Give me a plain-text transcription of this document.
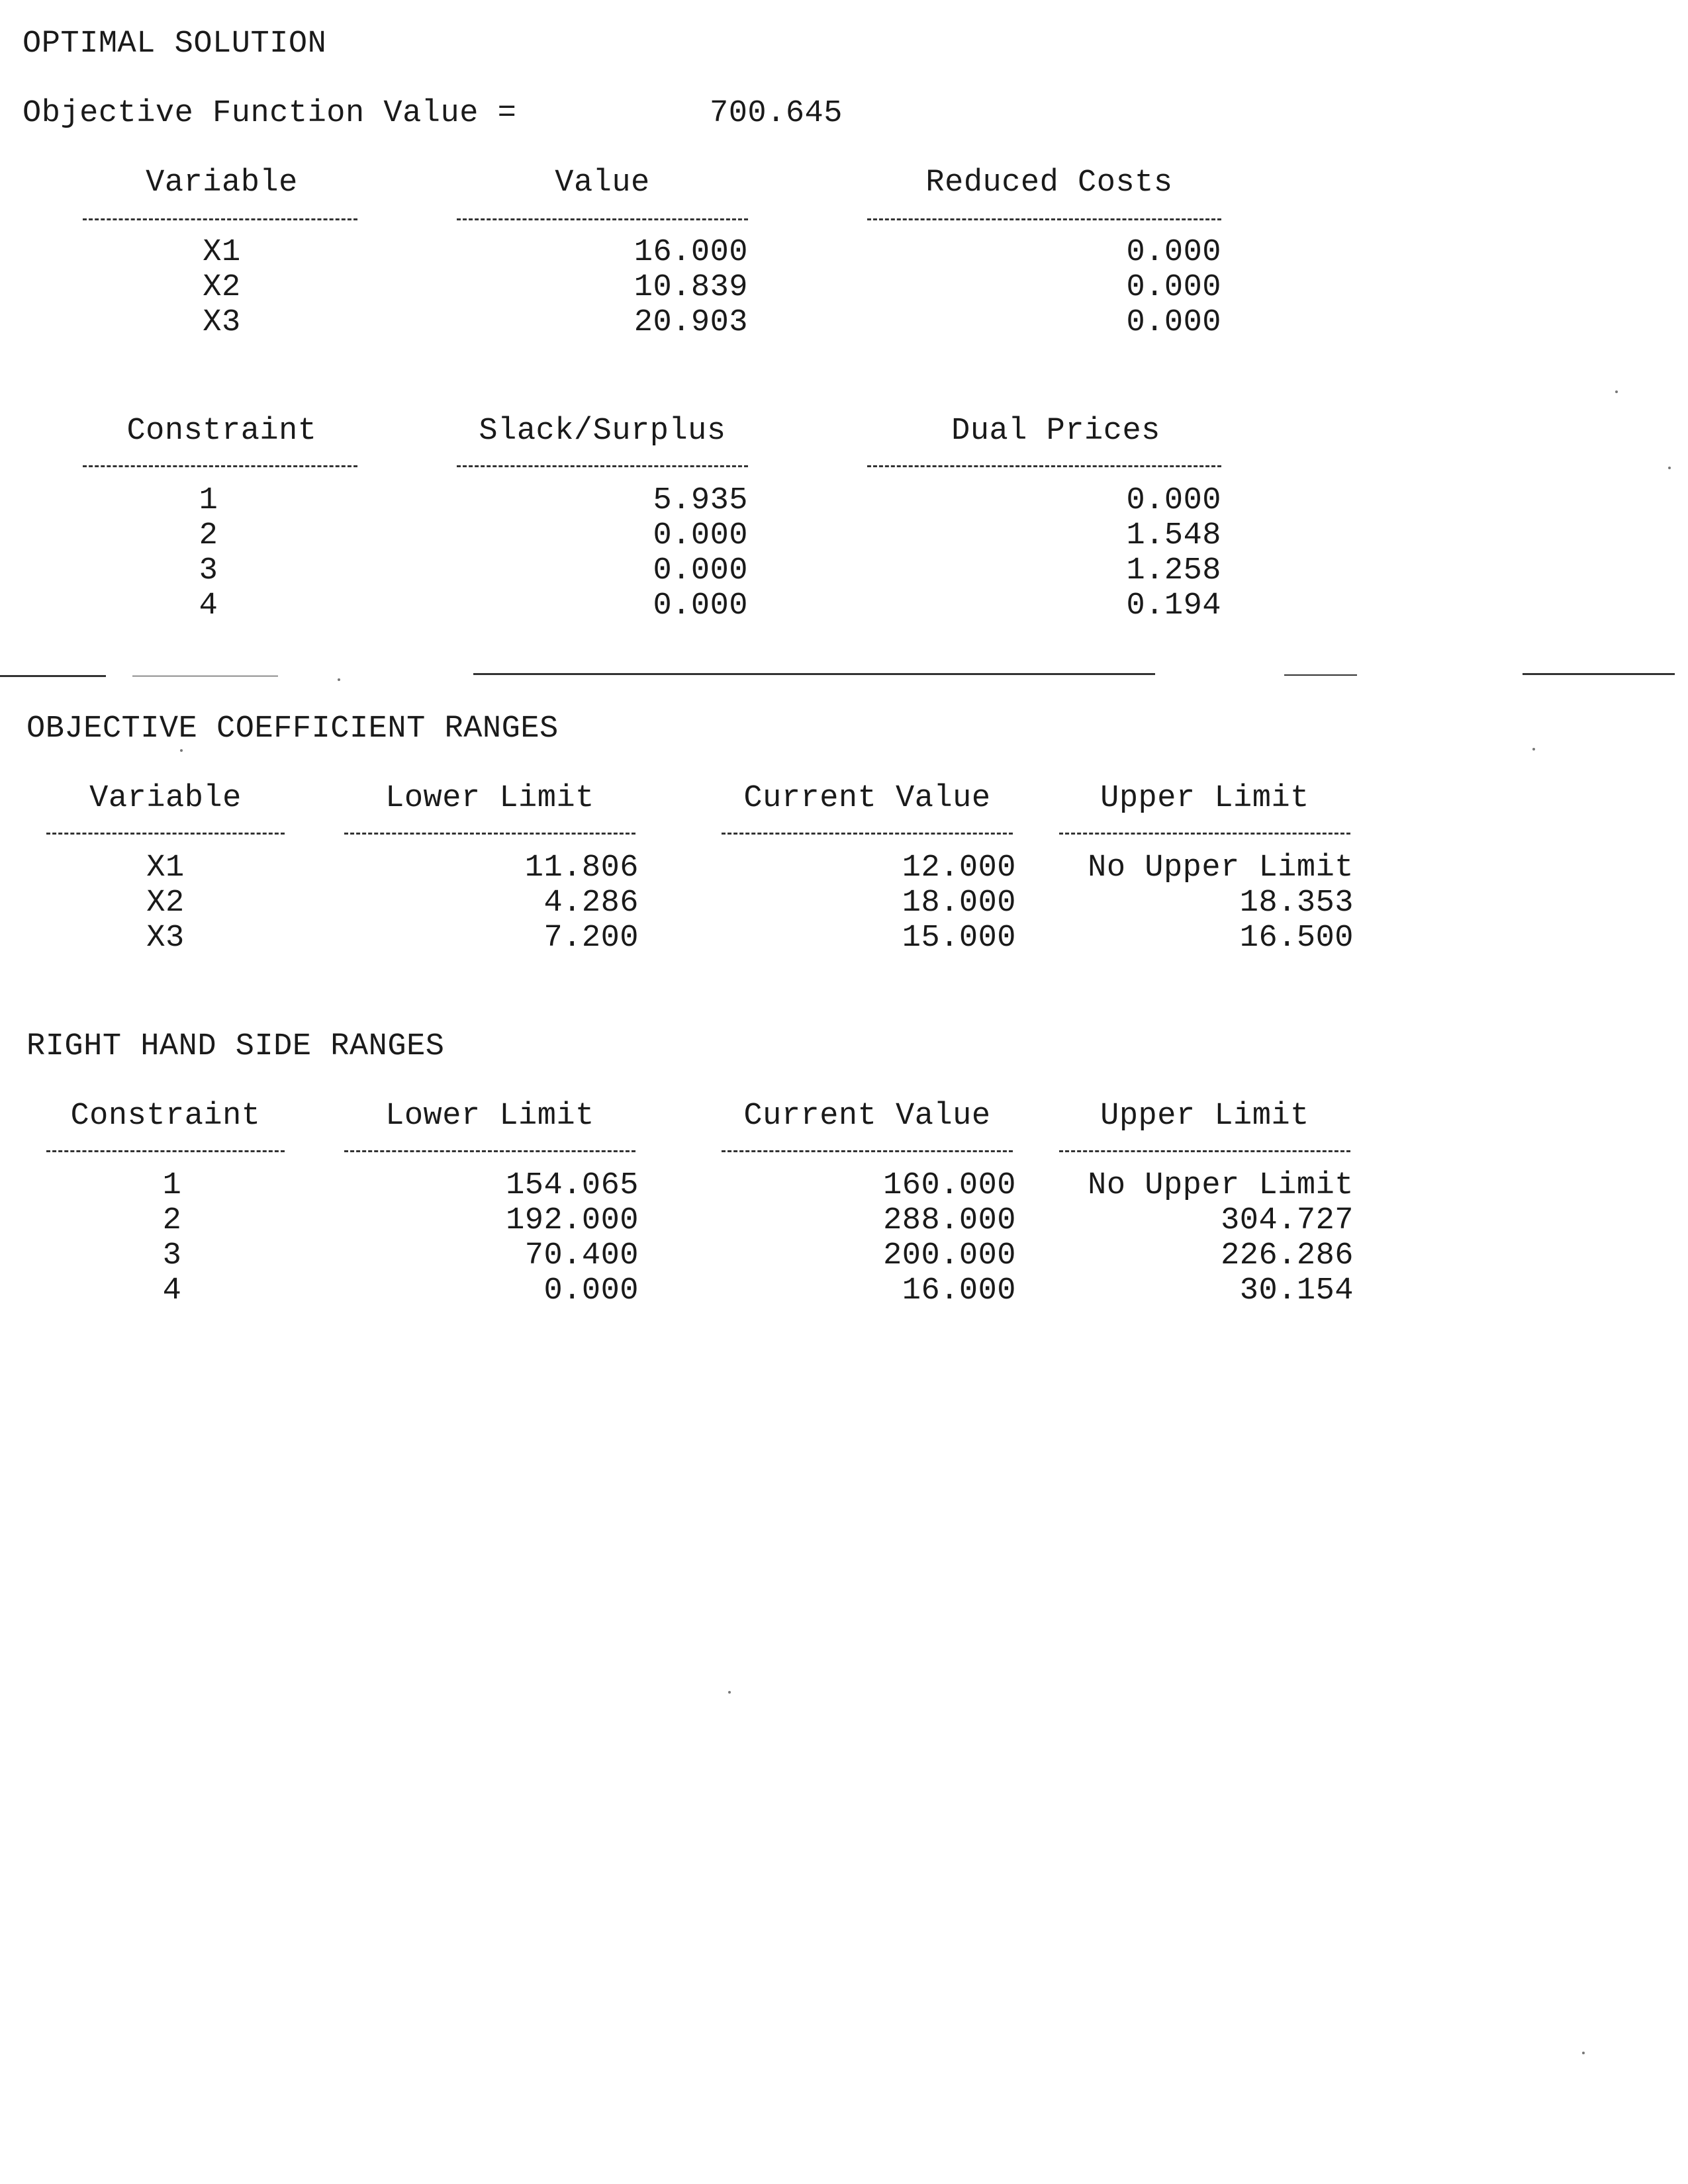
OPTIMAL SOLUTION
Objective Function Value =	700.645
Variable	Value	Reduced Costs
X1	16.000	0.000
X2	10.839	0.000
X3	20.903	0.000
Constraint	Slack/Surplus	Dual Prices
1	5.935	0.000
2	0.000	1.548
3	0.000	1.258
4	0.000	0.194
OBJECTIVE COEFFICIENT RANGES
Variable	Lower Limit	Current Value	Upper Limit
X1	11.806	12.000	No Upper Limit
X2	4.286	18.000	18.353
X3	7.200	15.000	16.500
RIGHT HAND SIDE RANGES
Constraint	Lower Limit	Current Value	Upper Limit
1	154.065	160.000	No Upper Limit
2	192.000	288.000	304.727
3	70.400	200.000	226.286
4	0.000	16.000	30.154
